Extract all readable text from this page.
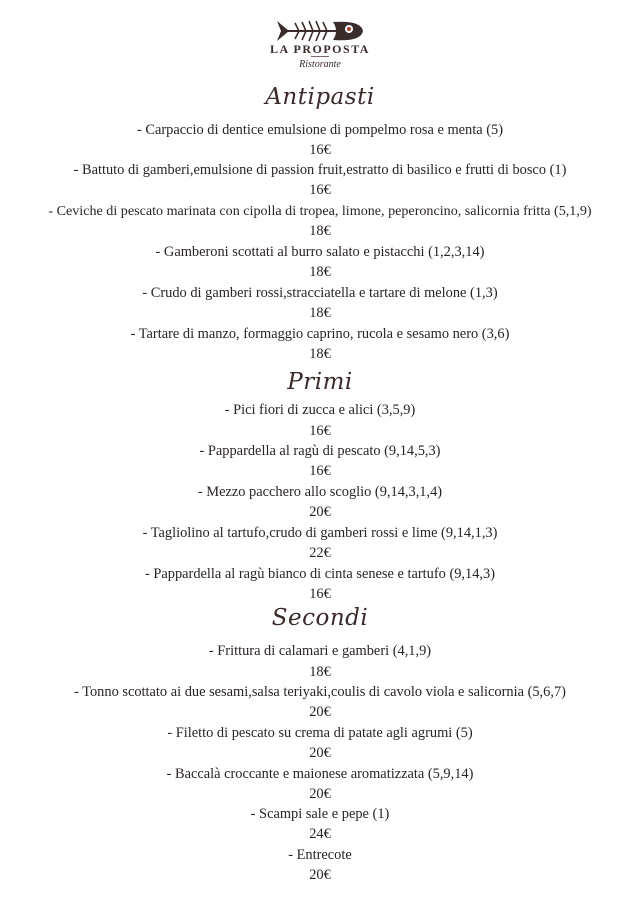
LA PROPOSTA
Ristorante
Antipasti
- Carpaccio di dentice emulsione di pompelmo rosa e menta (5)
16€
- Battuto di gamberi,emulsione di passion fruit,estratto di basilico e frutti di bosco (1)
16€
- Ceviche di pescato marinata con cipolla di tropea, limone, peperoncino, salicornia fritta (5,1,9)
18€
- Gamberoni scottati al burro salato e pistacchi (1,2,3,14)
18€
- Crudo di gamberi rossi,stracciatella e tartare di melone (1,3)
18€
- Tartare di manzo, formaggio caprino, rucola e sesamo nero (3,6)
18€
Primi
- Pici fiori di zucca e alici (3,5,9)
16€
- Pappardella al ragù di pescato (9,14,5,3)
16€
- Mezzo pacchero allo scoglio (9,14,3,1,4)
20€
- Tagliolino al tartufo,crudo di gamberi rossi e lime (9,14,1,3)
22€
- Pappardella al ragù bianco di cinta senese e tartufo (9,14,3)
16€
Secondi
- Frittura di calamari e gamberi (4,1,9)
18€
- Tonno scottato ai due sesami,salsa teriyaki,coulis di cavolo viola e salicornia (5,6,7)
20€
- Filetto di pescato su crema di patate agli agrumi (5)
20€
- Baccalà croccante e maionese aromatizzata (5,9,14)
20€
- Scampi sale e pepe (1)
24€
- Entrecote
20€
